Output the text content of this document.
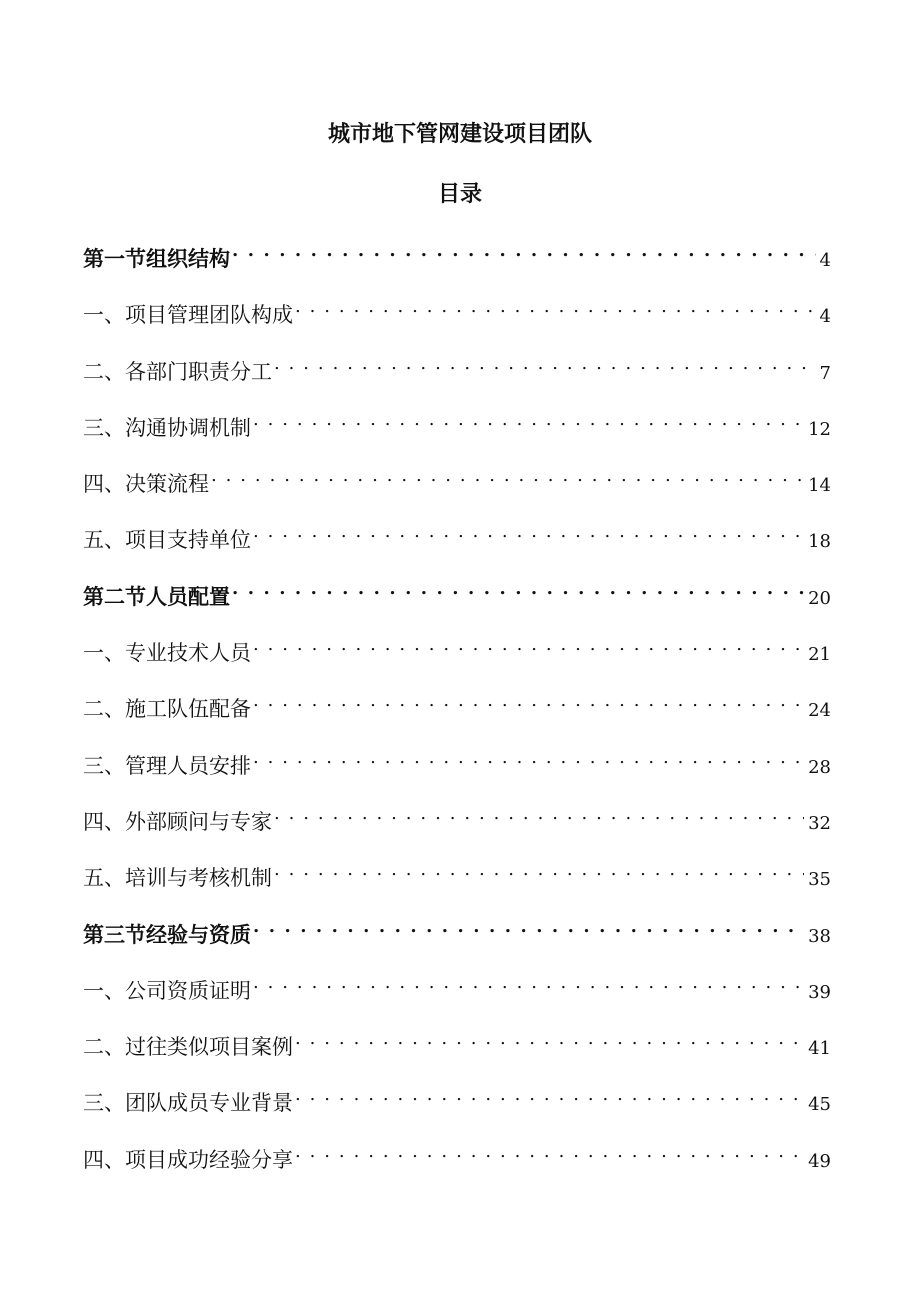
城市地下管网建设项目团队
目录
第一节组织结构 . . .	4
一、项目管理团队构成 . . .	4
二、各部门职责分工 . . .	7
三、沟通协调机制 . . .	12
四、决策流程 . . .	14
五、项目支持单位 . . .	18
第二节人员配置 . . .	20
一、专业技术人员 . . .	21
二、施工队伍配备 . . .	24
三、管理人员安排 . . .	28
四、外部顾问与专家 . . .	32
五、培训与考核机制 . . .	35
第三节经验与资质 . . .	38
一、公司资质证明 . . .	39
二、过往类似项目案例 . . .	41
三、团队成员专业背景 . . .	45
四、项目成功经验分享 . . .	49
